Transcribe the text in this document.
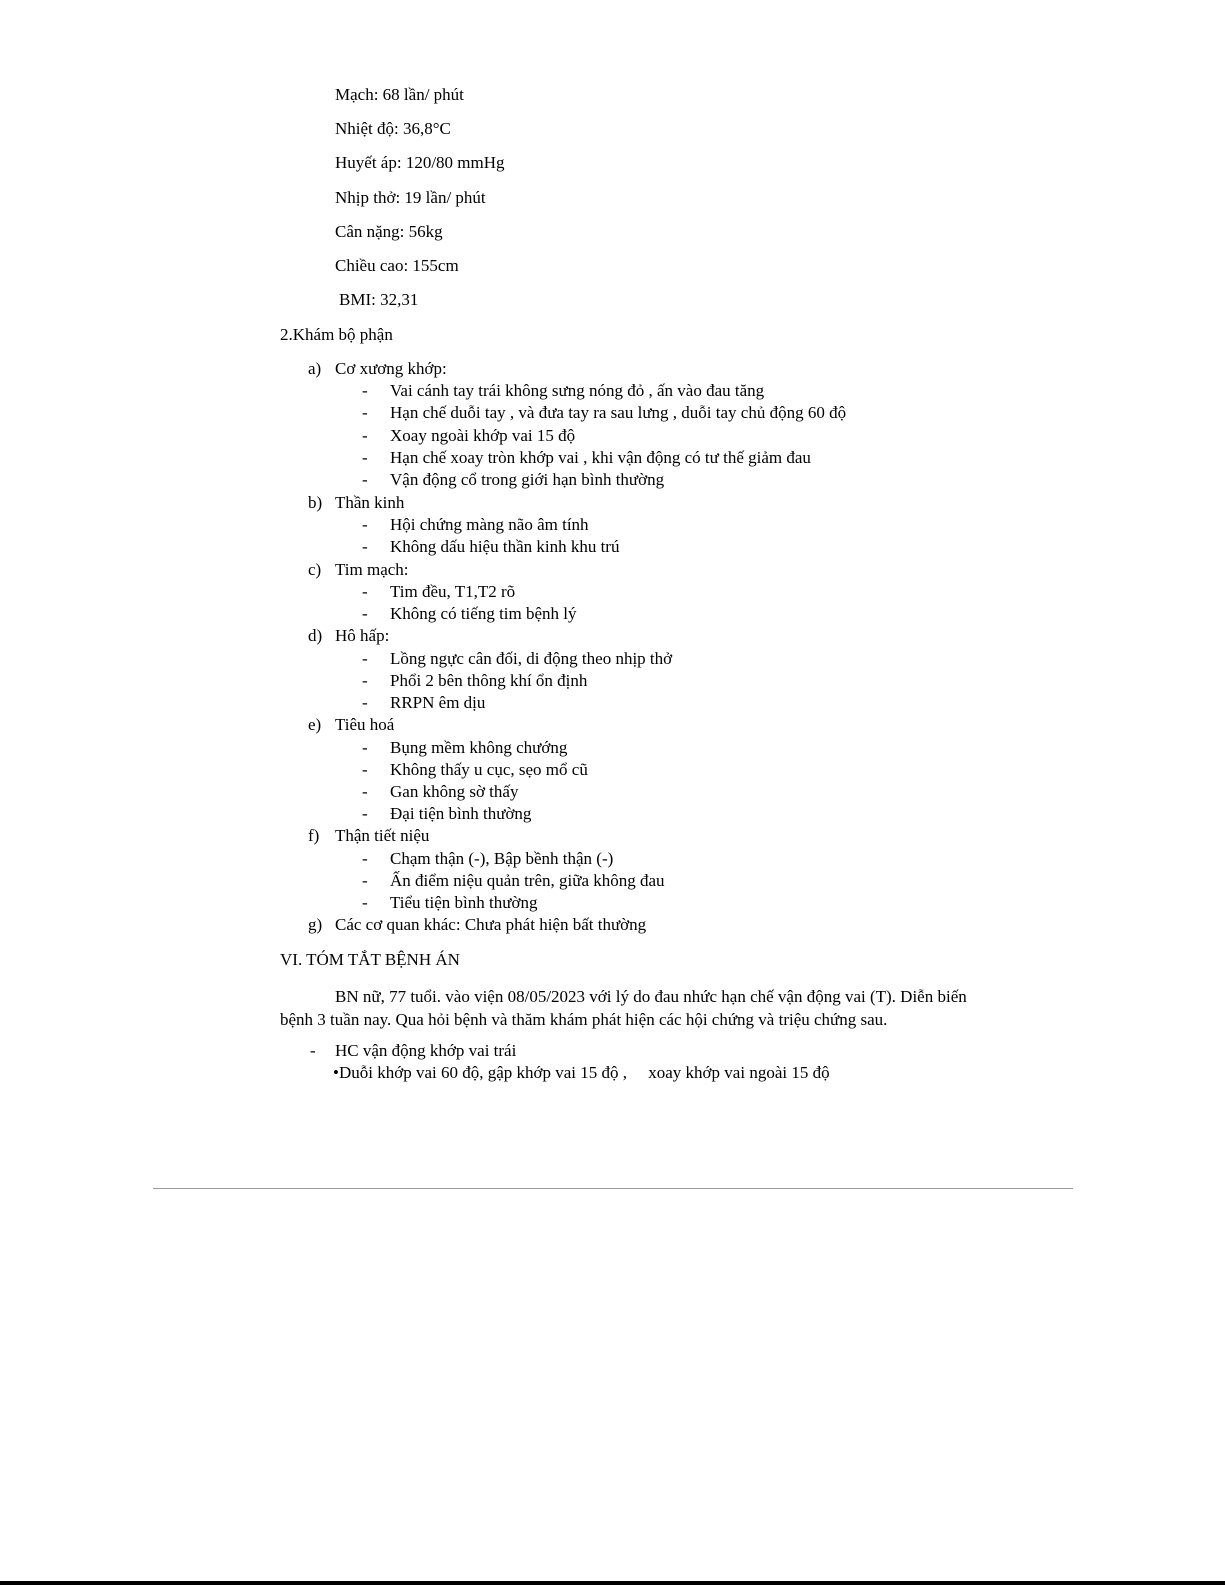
Mạch: 68 lần/ phút
Nhiệt độ: 36,8°C
Huyết áp: 120/80 mmHg
Nhịp thở: 19 lần/ phút
Cân nặng: 56kg
Chiều cao: 155cm
BMI: 32,31
2.Khám bộ phận
a) Cơ xương khớp:
- Vai cánh tay trái không sưng nóng đỏ , ấn vào đau tăng
- Hạn chế duỗi tay , và đưa tay ra sau lưng , duỗi tay chủ động 60 độ
- Xoay ngoài khớp vai 15 độ
- Hạn chế xoay tròn khớp vai , khi vận động có tư thế giảm đau
- Vận động cổ trong giới hạn bình thường
b) Thần kinh
- Hội chứng màng não âm tính
- Không dấu hiệu thần kinh khu trú
c) Tim mạch:
- Tim đều, T1,T2 rõ
- Không có tiếng tim bệnh lý
d) Hô hấp:
- Lồng ngực cân đối, di động theo nhịp thở
- Phổi 2 bên thông khí ổn định
- RRPN êm dịu
e) Tiêu hoá
- Bụng mềm không chướng
- Không thấy u cục, sẹo mổ cũ
- Gan không sờ thấy
- Đại tiện bình thường
f) Thận tiết niệu
- Chạm thận (-), Bập bềnh thận (-)
- Ấn điểm niệu quản trên, giữa không đau
- Tiểu tiện bình thường
g) Các cơ quan khác: Chưa phát hiện bất thường
VI. TÓM TẮT BỆNH ÁN
BN nữ, 77 tuổi. vào viện 08/05/2023 với lý do đau nhức hạn chế vận động vai (T). Diễn biến bệnh 3 tuần nay. Qua hỏi bệnh và thăm khám phát hiện các hội chứng và triệu chứng sau.
- HC vận động khớp vai trái
•Duỗi khớp vai 60 độ, gập khớp vai 15 độ ,     xoay khớp vai ngoài 15 độ
